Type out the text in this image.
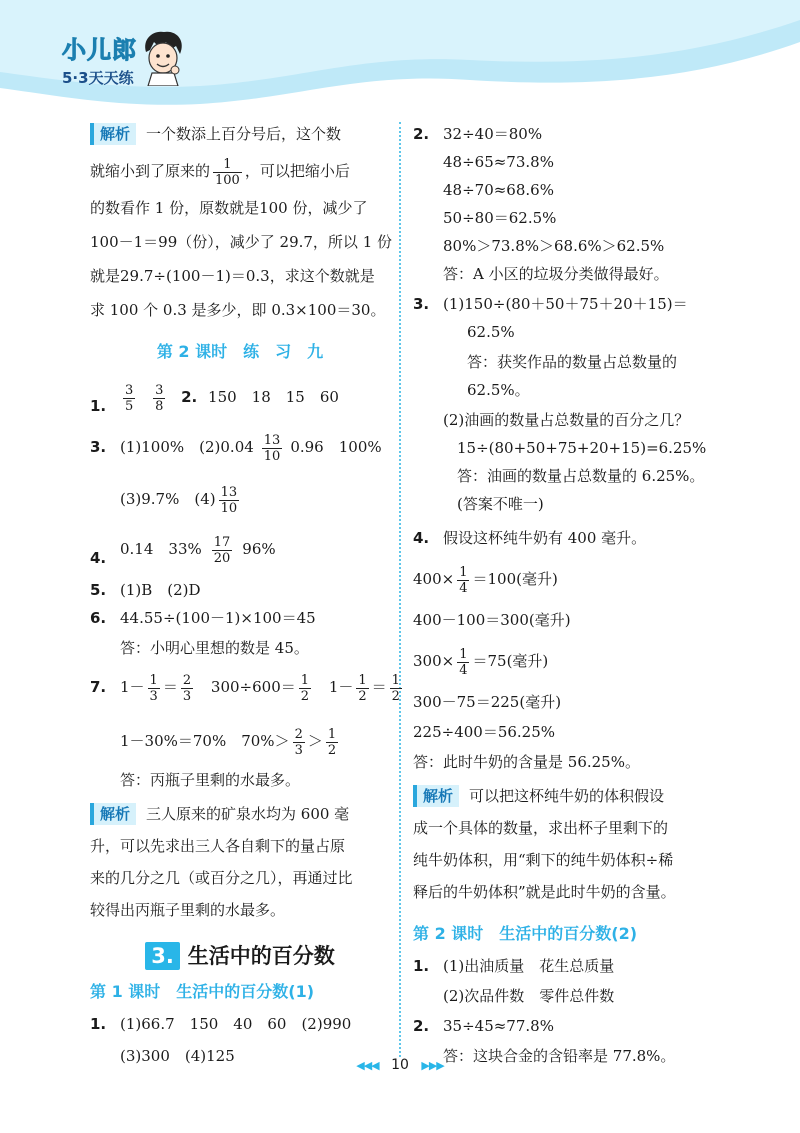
小儿郎
5·3天天练
解析 一个数添上百分号后，这个数
就缩小到了原来的 $\frac{1}{100}$ ，可以把缩小后
的数看作 1 份，原数就是100 份，减少了
100－1＝99（份），减少了 29.7，所以 1 份
就是29.7÷(100－1)＝0.3，求这个数就是
求 100 个 0.3 是多少，即 0.3×100＝30。
第 2 课时　练　习　九
1. $\frac{3}{5}$
$\frac{3}{8} 2$. 150　18　15　60
3. (1)100%　$(2)0.04 \frac{13}{10} 0.96$　100%
(3)9.7%　$(4) \frac{13}{10}$
4. 0.14　$33\% \frac{17}{20} 96\%$
5. (1)B　(2)D
6. 44.55÷(100－1)×100＝45
答：小明心里想的数是 45。
7. $1- \frac{1}{3} = \frac{2}{3} 300\div 600= \frac{1}{2} 1- \frac{1}{2} = \frac{1}{2}$
1－30%＝70%　$70\%> \frac{2}{3} > \frac{1}{2}$
答：丙瓶子里剩的水最多。
解析 三人原来的矿泉水均为 600 毫
升，可以先求出三人各自剩下的量占原
来的几分之几（或百分之几），再通过比
较得出丙瓶子里剩的水最多。
3. 生活中的百分数
第 1 课时　生活中的百分数(1)
1. (1)66.7　150　40　60　(2)990
(3)300　(4)125
2. 32÷40＝80%
48÷65≈73.8%
48÷70≈68.6%
50÷80＝62.5%
80%＞73.8%＞68.6%＞62.5%
答：A 小区的垃圾分类做得最好。
3. (1)150÷(80＋50＋75＋20＋15)＝
62.5%
答：获奖作品的数量占总数量的
62.5%。
(2)油画的数量占总数量的百分之几？
15÷(80+50+75+20+15)=6.25%
答：油画的数量占总数量的 6.25%。
(答案不唯一)
4. 假设这杯纯牛奶有 400 毫升。
$400\times \frac{1}{4} =100$(毫升)
400－100＝300(毫升)
$300\times \frac{1}{4} =75$(毫升)
300－75＝225(毫升)
225÷400＝56.25%
答：此时牛奶的含量是 56.25%。
解析 可以把这杯纯牛奶的体积假设
成一个具体的数量，求出杯子里剩下的
纯牛奶体积，用“剩下的纯牛奶体积÷稀
释后的牛奶体积”就是此时牛奶的含量。
第 2 课时　生活中的百分数(2)
1. (1)出油质量　花生总质量
(2)次品件数　零件总件数
2. 35÷45≈77.8%
答：这块合金的含铅率是 77.8%。
◀◀◀ 10 ▶▶▶
